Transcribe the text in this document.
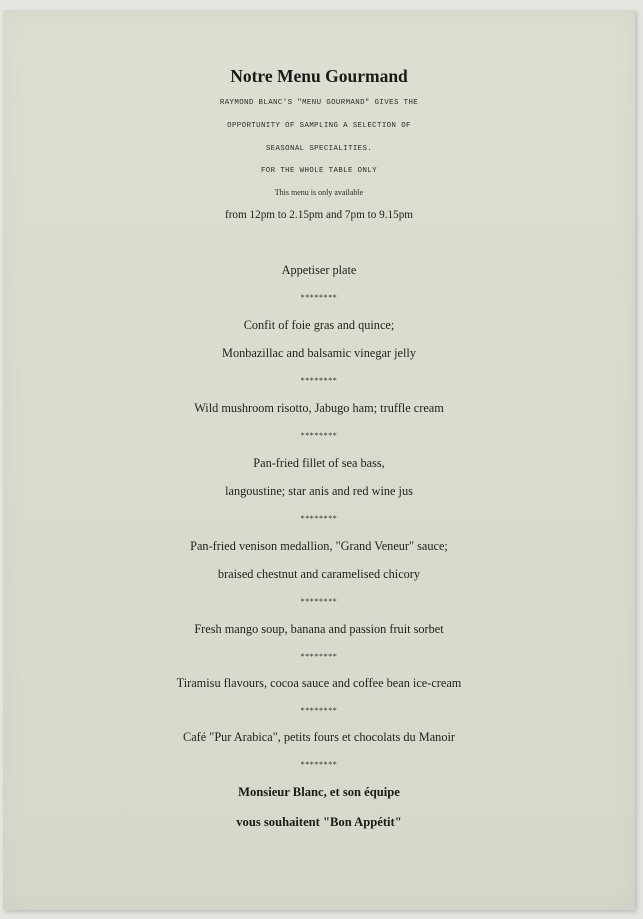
Notre Menu Gourmand
RAYMOND BLANC'S "MENU GOURMAND" GIVES THE
OPPORTUNITY OF SAMPLING A SELECTION OF
SEASONAL SPECIALITIES.
FOR THE WHOLE TABLE ONLY
This menu is only available
from 12pm to 2.15pm and 7pm to 9.15pm
Appetiser plate
********
Confit of foie gras and quince;
Monbazillac and balsamic vinegar jelly
********
Wild mushroom risotto, Jabugo ham; truffle cream
********
Pan-fried fillet of sea bass,
langoustine; star anis and red wine jus
********
Pan-fried venison medallion, "Grand Veneur" sauce;
braised chestnut and caramelised chicory
********
Fresh mango soup, banana and passion fruit sorbet
********
Tiramisu flavours, cocoa sauce and coffee bean ice-cream
********
Café "Pur Arabica", petits fours et chocolats du Manoir
********
Monsieur Blanc, et son équipe
vous souhaitent "Bon Appétit"
